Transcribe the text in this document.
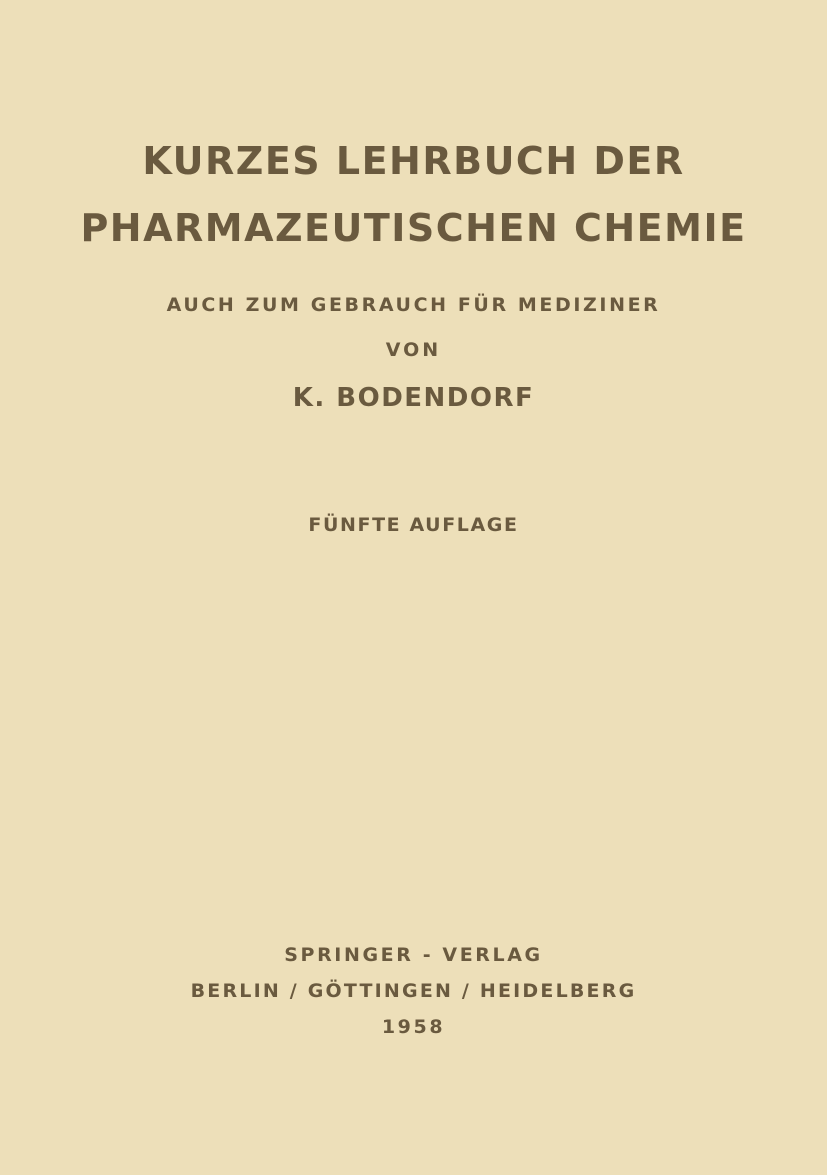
KURZES LEHRBUCH DER
PHARMAZEUTISCHEN CHEMIE
AUCH ZUM GEBRAUCH FÜR MEDIZINER
VON
K. BODENDORF
FÜNFTE AUFLAGE
SPRINGER - VERLAG
BERLIN / GÖTTINGEN / HEIDELBERG
1958
